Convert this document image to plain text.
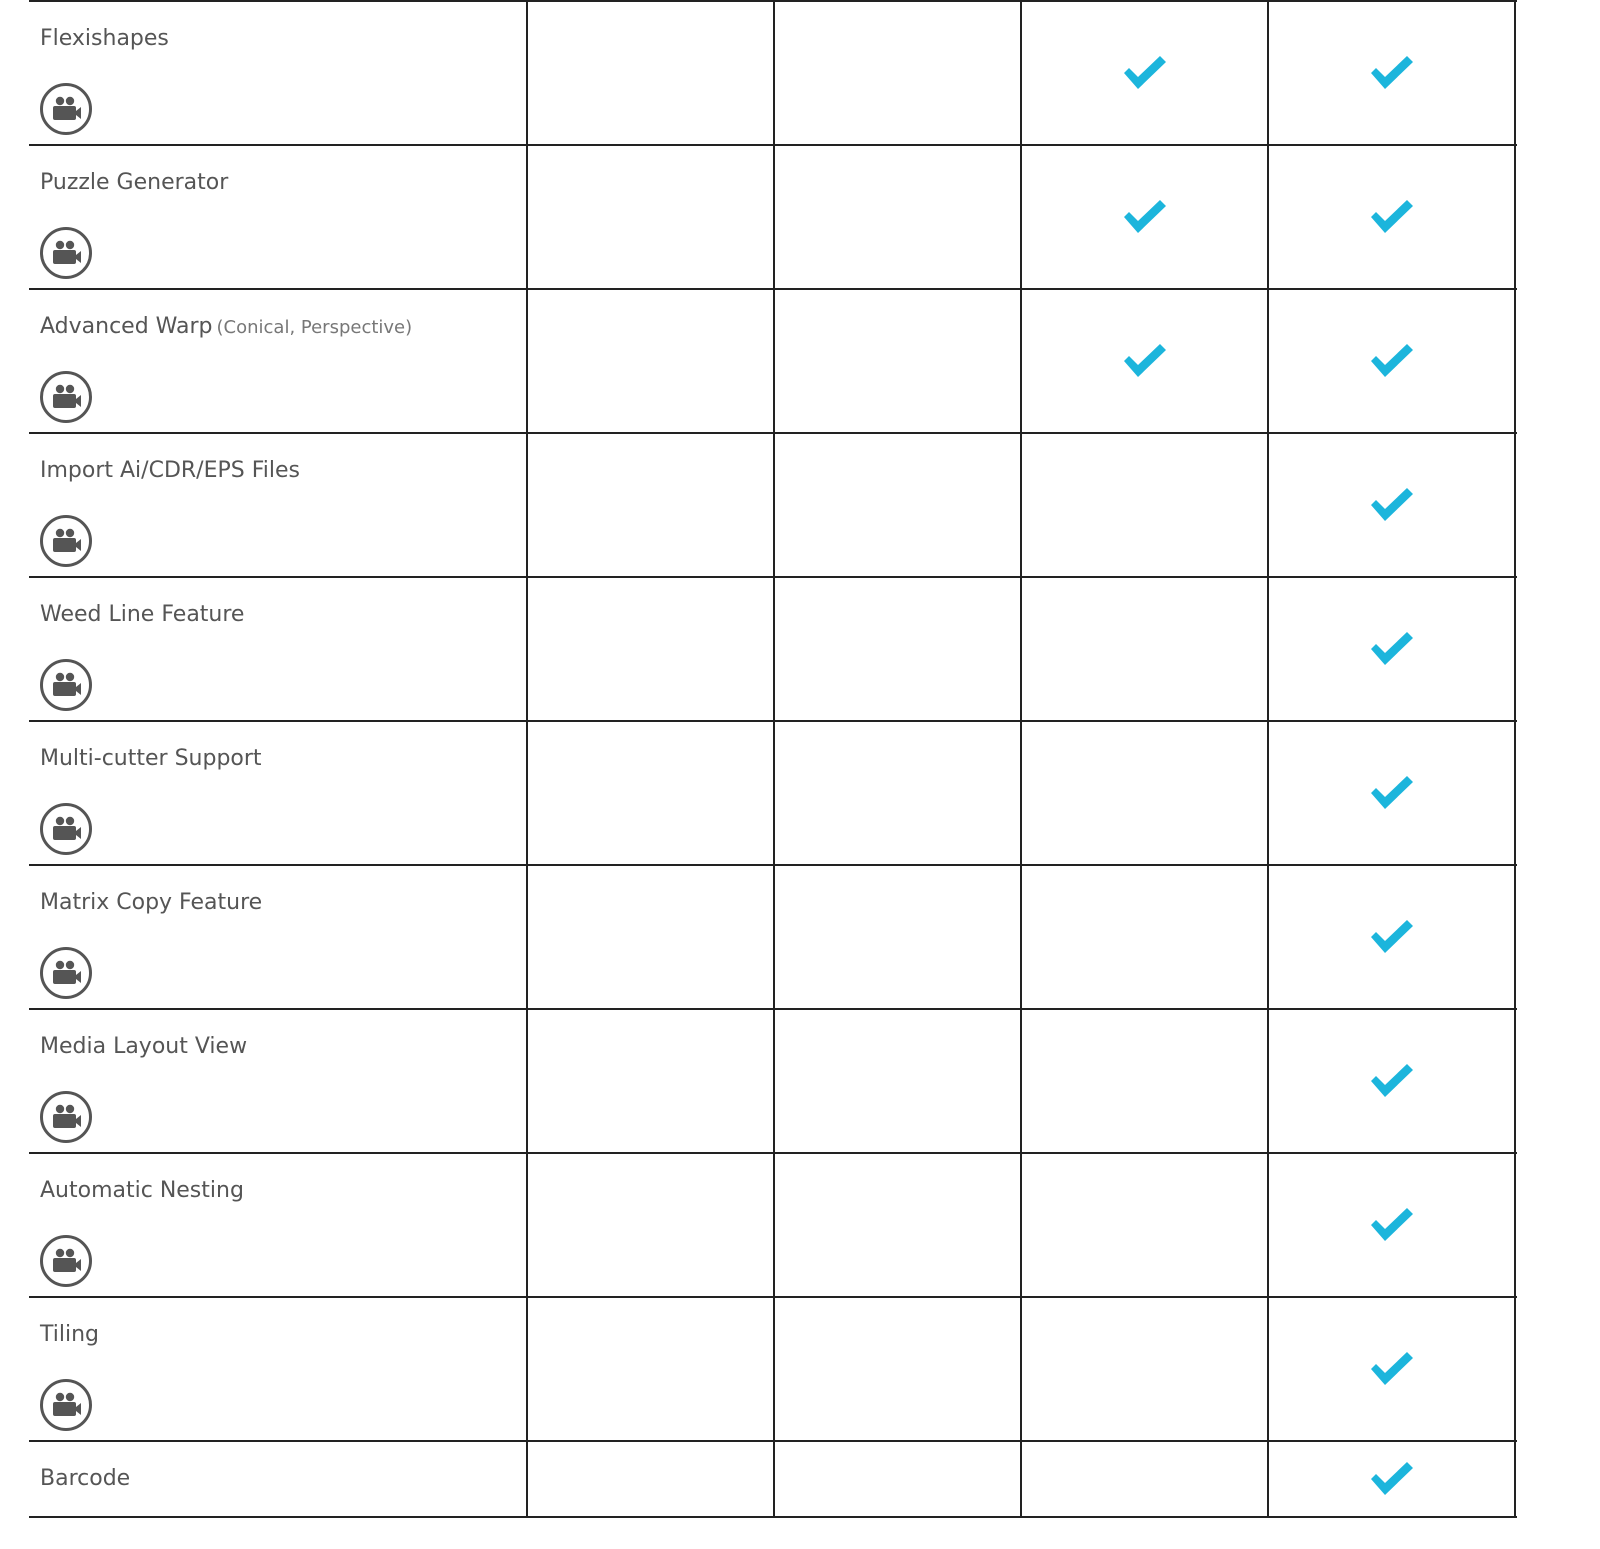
Flexishapes
Puzzle Generator
Advanced Warp (Conical, Perspective)
Import Ai/CDR/EPS Files
Weed Line Feature
Multi-cutter Support
Matrix Copy Feature
Media Layout View
Automatic Nesting
Tiling
Barcode
